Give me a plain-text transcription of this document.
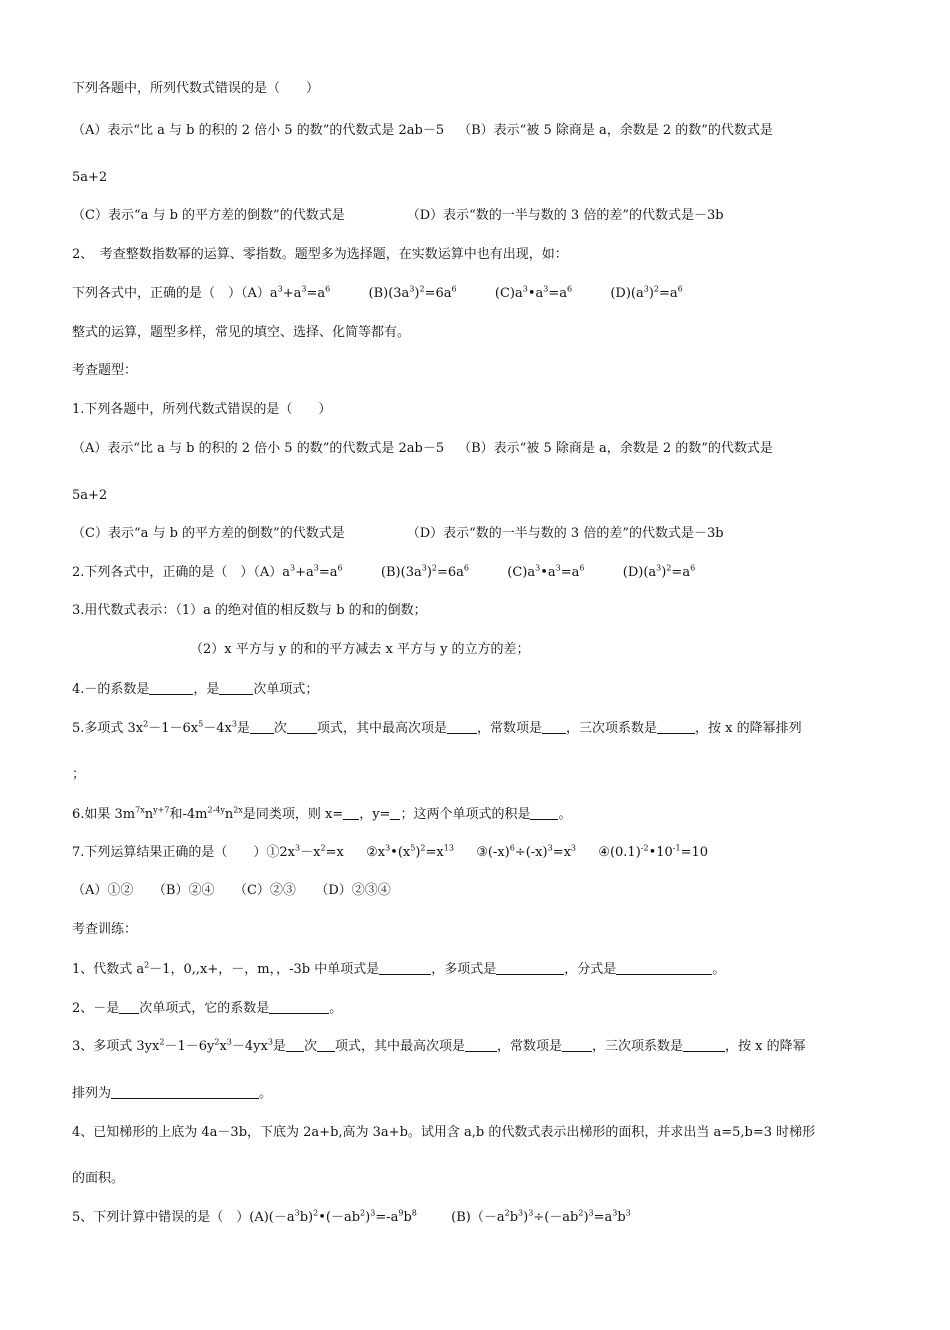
下列各题中，所列代数式错误的是（　　）
（A）表示“比 a 与 b 的积的 2 倍小 5 的数”的代数式是 2ab－5 （B）表示“被 5 除商是 a，余数是 2 的数”的代数式是
5a+2
（C）表示“a 与 b 的平方差的倒数”的代数式是	（D）表示“数的一半与数的 3 倍的差”的代数式是－3b
2、　考查整数指数幂的运算、零指数。题型多为选择题，在实数运算中也有出现，如：
下列各式中，正确的是（　）$(A)a^3+a^3=a^6$	$(B)(3a^3)^2=6a^6$	$(C)a^3•a^3=a^6$	$(D)(a^3)^2=a^6$
整式的运算，题型多样，常见的填空、选择、化简等都有。
考查题型：
1.下列各题中，所列代数式错误的是（　　）
（A）表示“比 a 与 b 的积的 2 倍小 5 的数”的代数式是 2ab－5 （B）表示“被 5 除商是 a，余数是 2 的数”的代数式是
5a+2
（C）表示“a 与 b 的平方差的倒数”的代数式是	（D）表示“数的一半与数的 3 倍的差”的代数式是－3b
2.下列各式中，正确的是（　）$(A)a^3+a^3=a^6$	$(B)(3a^3)^2=6a^6$	$(C)a^3•a^3=a^6$	$(D)(a^3)^2=a^6$
3.用代数式表示：（1）a 的绝对值的相反数与 b 的和的倒数；
（2）x 平方与 y 的和的平方减去 x 平方与 y 的立方的差；
4.－的系数是	，是	次单项式；
5.多项式 $3x^2-1-6x^5-4x^3$是 次 项式，其中最高次项是 ，常数项是 ，三次项系数是	，按 x 的降幂排列
；
6.如果 $3m^{7x}n^{y+7}$和$-4m^{2-4y}n^{2x}$是同类项，则 x= ，y= ；这两个单项式的积是 。
7.下列运算结果正确的是（　　）$①2x^3-x^2=x$ $②x^3•(x^5)^2=x^{13}$ $③(-x)^6\div(-x)^3=x^3$ $④(0.1)^{-2}•10^{-1}=10$
（A）①②　　（B）②④　　（C）②③　　（D）②③④
考查训练：
1、代数式 $a^2-1$，0,,x+，－，m，，-3b 中单项式是	，多项式是	，分式是	。
2、－是 次单项式，它的系数是	。
3、多项式 $3yx^2-1-6y^2x^3-4yx^3$是 次 项式，其中最高次项是 ，常数项是 ，三次项系数是	，按 x 的降幂
排列为	。
4、已知梯形的上底为 4a－3b，下底为 2a+b,高为 3a+b。试用含 a,b 的代数式表示出梯形的面积，并求出当 a=5,b=3 时梯形
的面积。
5、下列计算中错误的是（　）$(A)(-a^3b)^2•(-ab^2)^3=-a^9b^8$	$(B)(-a^2b^3)^3\div(-ab^2)^3=a^3b^3$
